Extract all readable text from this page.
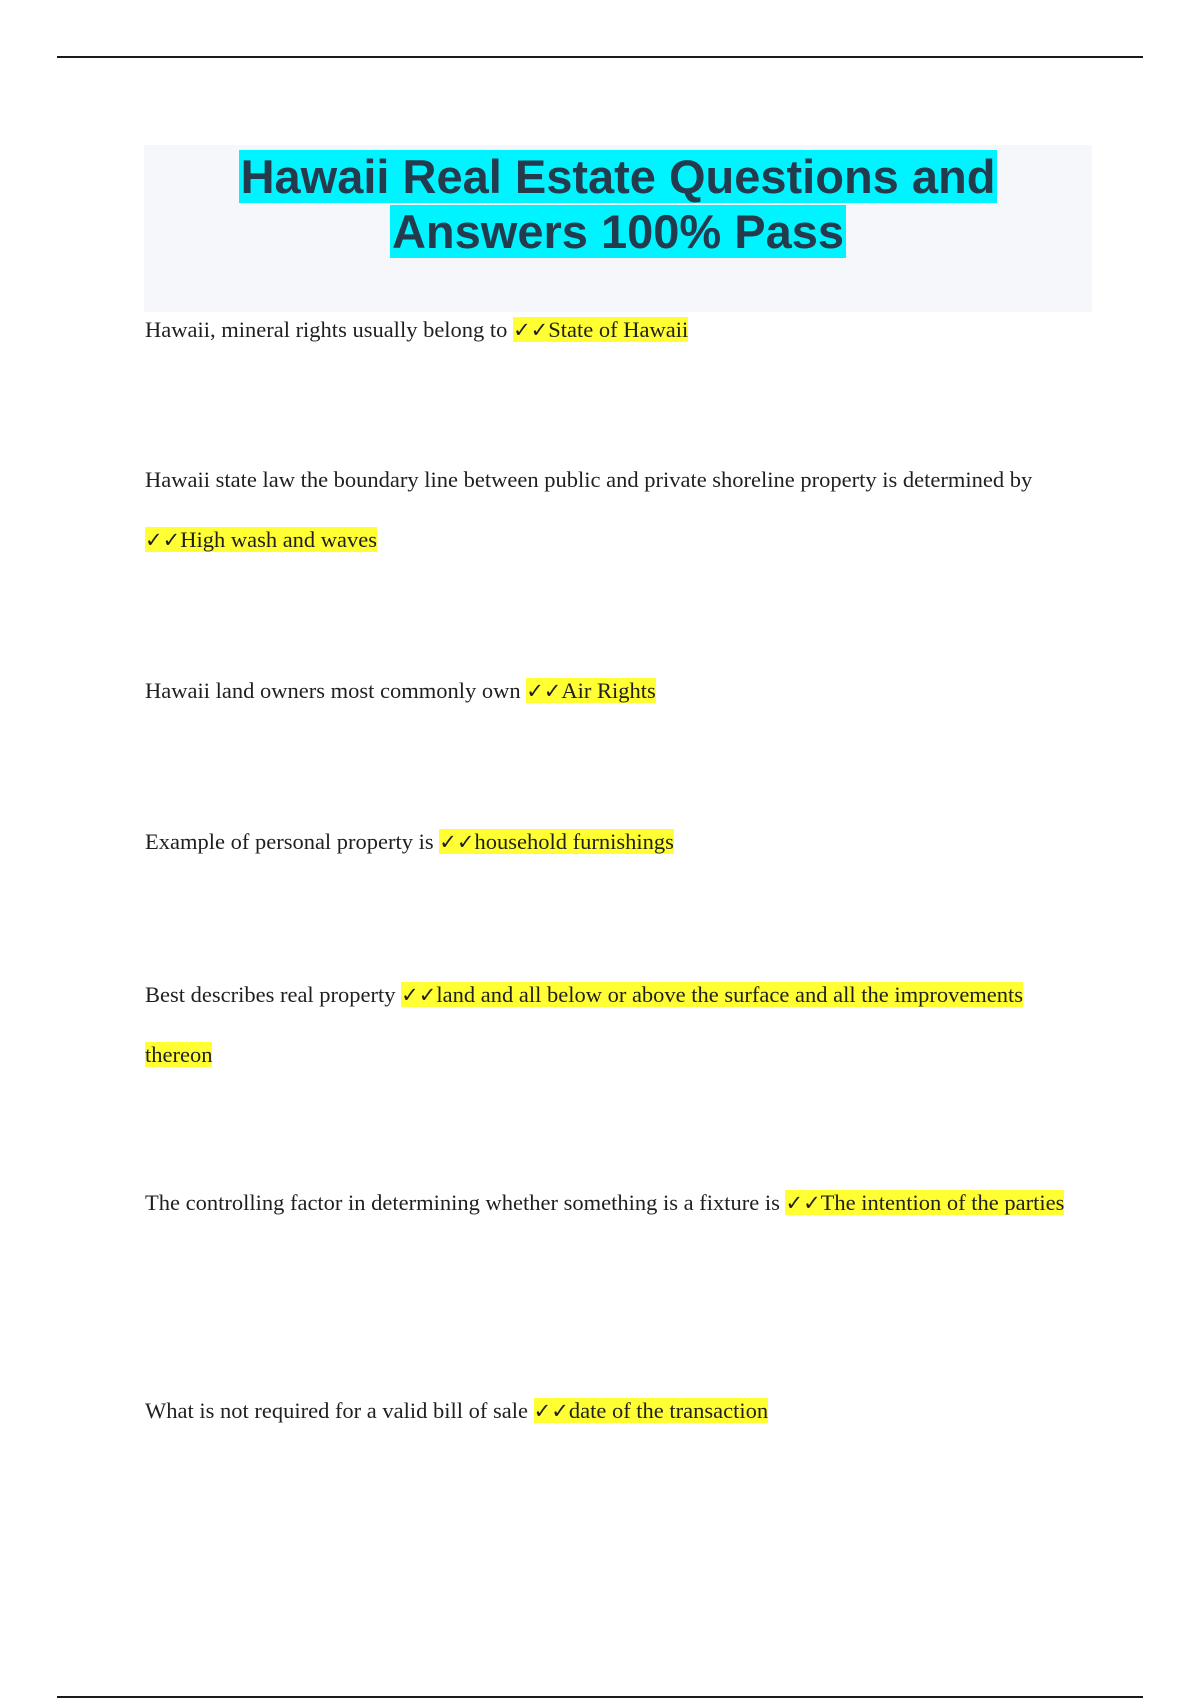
Hawaii Real Estate Questions and Answers 100% Pass

Hawaii, mineral rights usually belong to ✓✓State of Hawaii

Hawaii state law the boundary line between public and private shoreline property is determined by ✓✓High wash and waves

Hawaii land owners most commonly own ✓✓Air Rights

Example of personal property is ✓✓household furnishings

Best describes real property ✓✓land and all below or above the surface and all the improvements thereon

The controlling factor in determining whether something is a fixture is ✓✓The intention of the parties

What is not required for a valid bill of sale ✓✓date of the transaction
